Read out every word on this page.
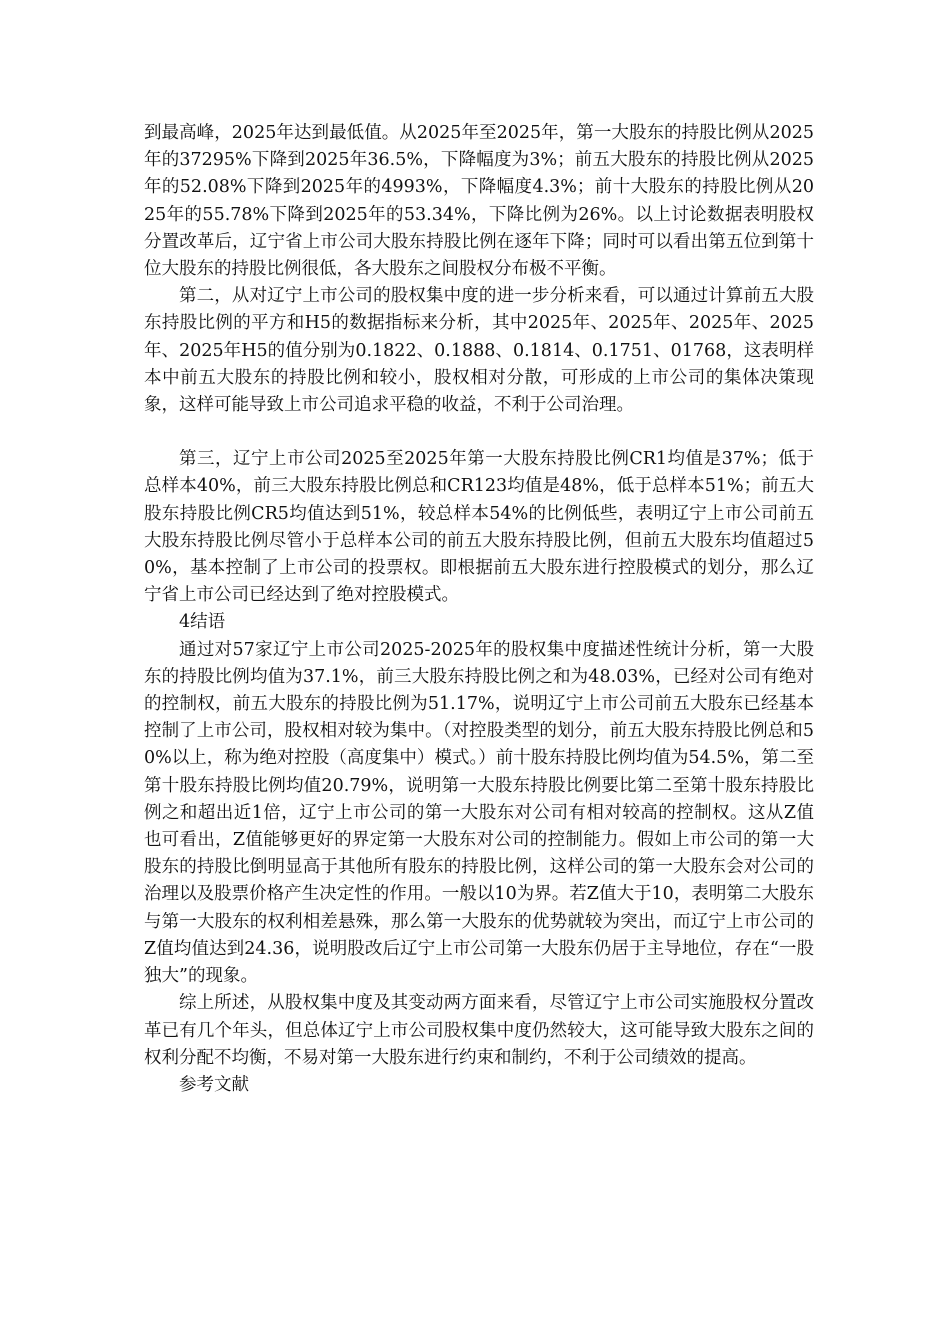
到最高峰，2025年达到最低值。从2025年至2025年，第一大股东的持股比例从2025年的37295%下降到2025年36.5%，下降幅度为3%；前五大股东的持股比例从2025年的52.08%下降到2025年的4993%，下降幅度4.3%；前十大股东的持股比例从2025年的55.78%下降到2025年的53.34%，下降比例为26%。以上讨论数据表明股权分置改革后，辽宁省上市公司大股东持股比例在逐年下降；同时可以看出第五位到第十位大股东的持股比例很低，各大股东之间股权分布极不平衡。

第二，从对辽宁上市公司的股权集中度的进一步分析来看，可以通过计算前五大股东持股比例的平方和H5的数据指标来分析，其中2025年、2025年、2025年、2025年、2025年H5的值分别为0.1822、0.1888、0.1814、0.1751、01768，这表明样本中前五大股东的持股比例和较小，股权相对分散，可形成的上市公司的集体决策现象，这样可能导致上市公司追求平稳的收益，不利于公司治理。

第三，辽宁上市公司2025至2025年第一大股东持股比例CR1均值是37%；低于总样本40%，前三大股东持股比例总和CR123均值是48%，低于总样本51%；前五大股东持股比例CR5均值达到51%，较总样本54%的比例低些，表明辽宁上市公司前五大股东持股比例尽管小于总样本公司的前五大股东持股比例，但前五大股东均值超过50%，基本控制了上市公司的投票权。即根据前五大股东进行控股模式的划分，那么辽宁省上市公司已经达到了绝对控股模式。

4结语

通过对57家辽宁上市公司2025-2025年的股权集中度描述性统计分析，第一大股东的持股比例均值为37.1%，前三大股东持股比例之和为48.03%，已经对公司有绝对的控制权，前五大股东的持股比例为51.17%，说明辽宁上市公司前五大股东已经基本控制了上市公司，股权相对较为集中。（对控股类型的划分，前五大股东持股比例总和50%以上，称为绝对控股（高度集中）模式。）前十股东持股比例均值为54.5%，第二至第十股东持股比例均值20.79%，说明第一大股东持股比例要比第二至第十股东持股比例之和超出近1倍，辽宁上市公司的第一大股东对公司有相对较高的控制权。这从Z值也可看出，Z值能够更好的界定第一大股东对公司的控制能力。假如上市公司的第一大股东的持股比倒明显高于其他所有股东的持股比例，这样公司的第一大股东会对公司的治理以及股票价格产生决定性的作用。一般以10为界。若Z值大于10，表明第二大股东与第一大股东的权利相差悬殊，那么第一大股东的优势就较为突出，而辽宁上市公司的Z值均值达到24.36，说明股改后辽宁上市公司第一大股东仍居于主导地位，存在“一股独大”的现象。

综上所述，从股权集中度及其变动两方面来看，尽管辽宁上市公司实施股权分置改革已有几个年头，但总体辽宁上市公司股权集中度仍然较大，这可能导致大股东之间的权利分配不均衡，不易对第一大股东进行约束和制约，不利于公司绩效的提高。

参考文献
